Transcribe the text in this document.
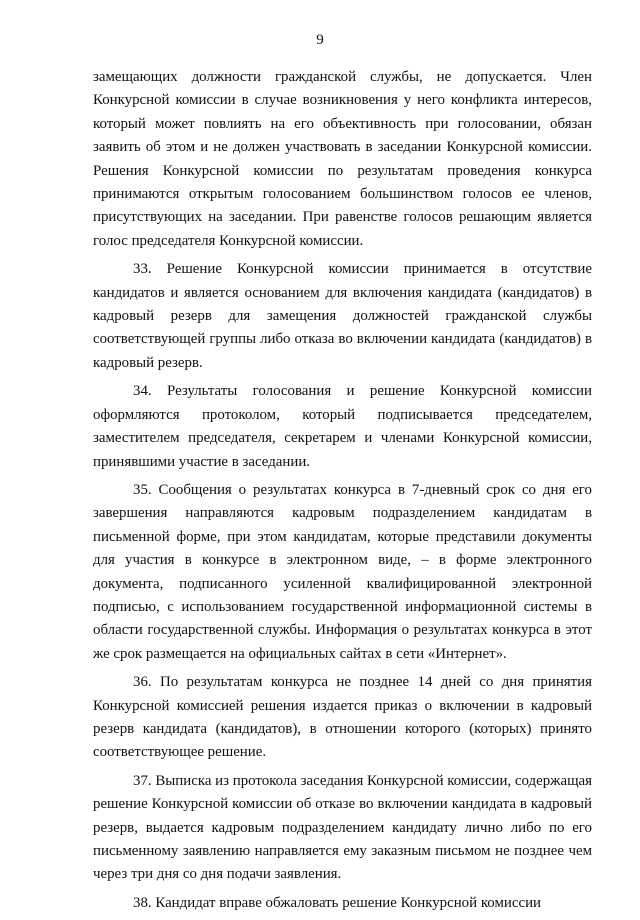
9

замещающих должности гражданской службы, не допускается. Член Конкурсной комиссии в случае возникновения у него конфликта интересов, который может повлиять на его объективность при голосовании, обязан заявить об этом и не должен участвовать в заседании Конкурсной комиссии. Решения Конкурсной комиссии по результатам проведения конкурса принимаются открытым голосованием большинством голосов ее членов, присутствующих на заседании. При равенстве голосов решающим является голос председателя Конкурсной комиссии.

33. Решение Конкурсной комиссии принимается в отсутствие кандидатов и является основанием для включения кандидата (кандидатов) в кадровый резерв для замещения должностей гражданской службы соответствующей группы либо отказа во включении кандидата (кандидатов) в кадровый резерв.

34. Результаты голосования и решение Конкурсной комиссии оформляются протоколом, который подписывается председателем, заместителем председателя, секретарем и членами Конкурсной комиссии, принявшими участие в заседании.

35. Сообщения о результатах конкурса в 7-дневный срок со дня его завершения направляются кадровым подразделением кандидатам в письменной форме, при этом кандидатам, которые представили документы для участия в конкурсе в электронном виде, – в форме электронного документа, подписанного усиленной квалифицированной электронной подписью, с использованием государственной информационной системы в области государственной службы. Информация о результатах конкурса в этот же срок размещается на официальных сайтах в сети «Интернет».

36. По результатам конкурса не позднее 14 дней со дня принятия Конкурсной комиссией решения издается приказ о включении в кадровый резерв кандидата (кандидатов), в отношении которого (которых) принято соответствующее решение.

37. Выписка из протокола заседания Конкурсной комиссии, содержащая решение Конкурсной комиссии об отказе во включении кандидата в кадровый резерв, выдается кадровым подразделением кандидату лично либо по его письменному заявлению направляется ему заказным письмом не позднее чем через три дня со дня подачи заявления.

38. Кандидат вправе обжаловать решение Конкурсной комиссии
